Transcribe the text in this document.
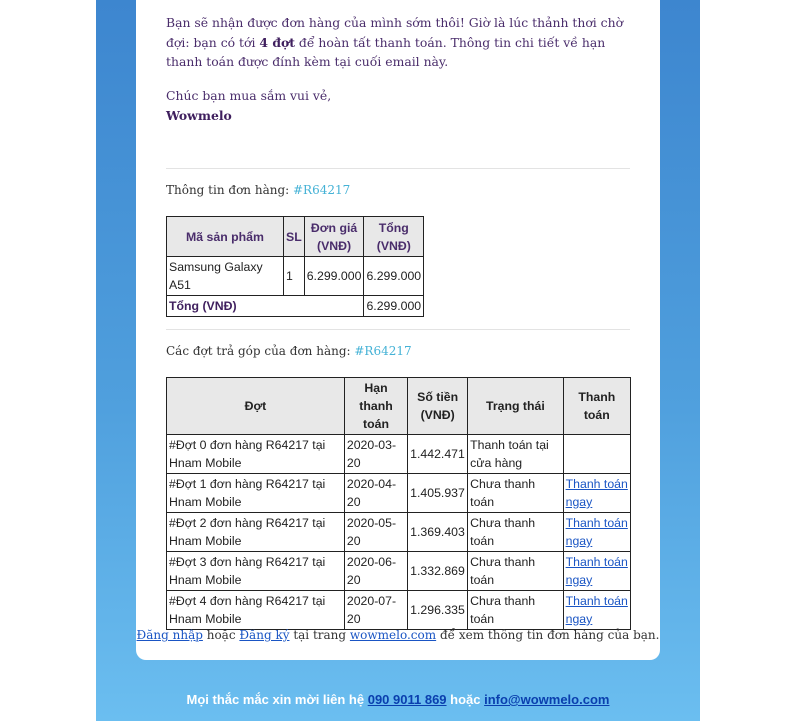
Bạn sẽ nhận được đơn hàng của mình sớm thôi! Giờ là lúc thảnh thơi chờ đợi: bạn có tới 4 đợt để hoàn tất thanh toán. Thông tin chi tiết về hạn thanh toán được đính kèm tại cuối email này.

Chúc bạn mua sắm vui vẻ,
Wowmelo
Thông tin đơn hàng: #R64217
Mã sản phẩm	SL	Đơn giá (VNĐ)	Tổng (VNĐ)
Samsung Galaxy A51	1	6.299.000	6.299.000
Tổng (VNĐ)			6.299.000
Các đợt trả góp của đơn hàng: #R64217
Đợt	Hạn thanh toán	Số tiền (VNĐ)	Trạng thái	Thanh toán
#Đợt 0 đơn hàng R64217 tại Hnam Mobile	2020-03-20	1.442.471	Thanh toán tại cửa hàng	
#Đợt 1 đơn hàng R64217 tại Hnam Mobile	2020-04-20	1.405.937	Chưa thanh toán	Thanh toán ngay
#Đợt 2 đơn hàng R64217 tại Hnam Mobile	2020-05-20	1.369.403	Chưa thanh toán	Thanh toán ngay
#Đợt 3 đơn hàng R64217 tại Hnam Mobile	2020-06-20	1.332.869	Chưa thanh toán	Thanh toán ngay
#Đợt 4 đơn hàng R64217 tại Hnam Mobile	2020-07-20	1.296.335	Chưa thanh toán	Thanh toán ngay
Đăng nhập hoặc Đăng ký tại trang wowmelo.com để xem thông tin đơn hàng của bạn.
Mọi thắc mắc xin mời liên hệ 090 9011 869 hoặc info@wowmelo.com
